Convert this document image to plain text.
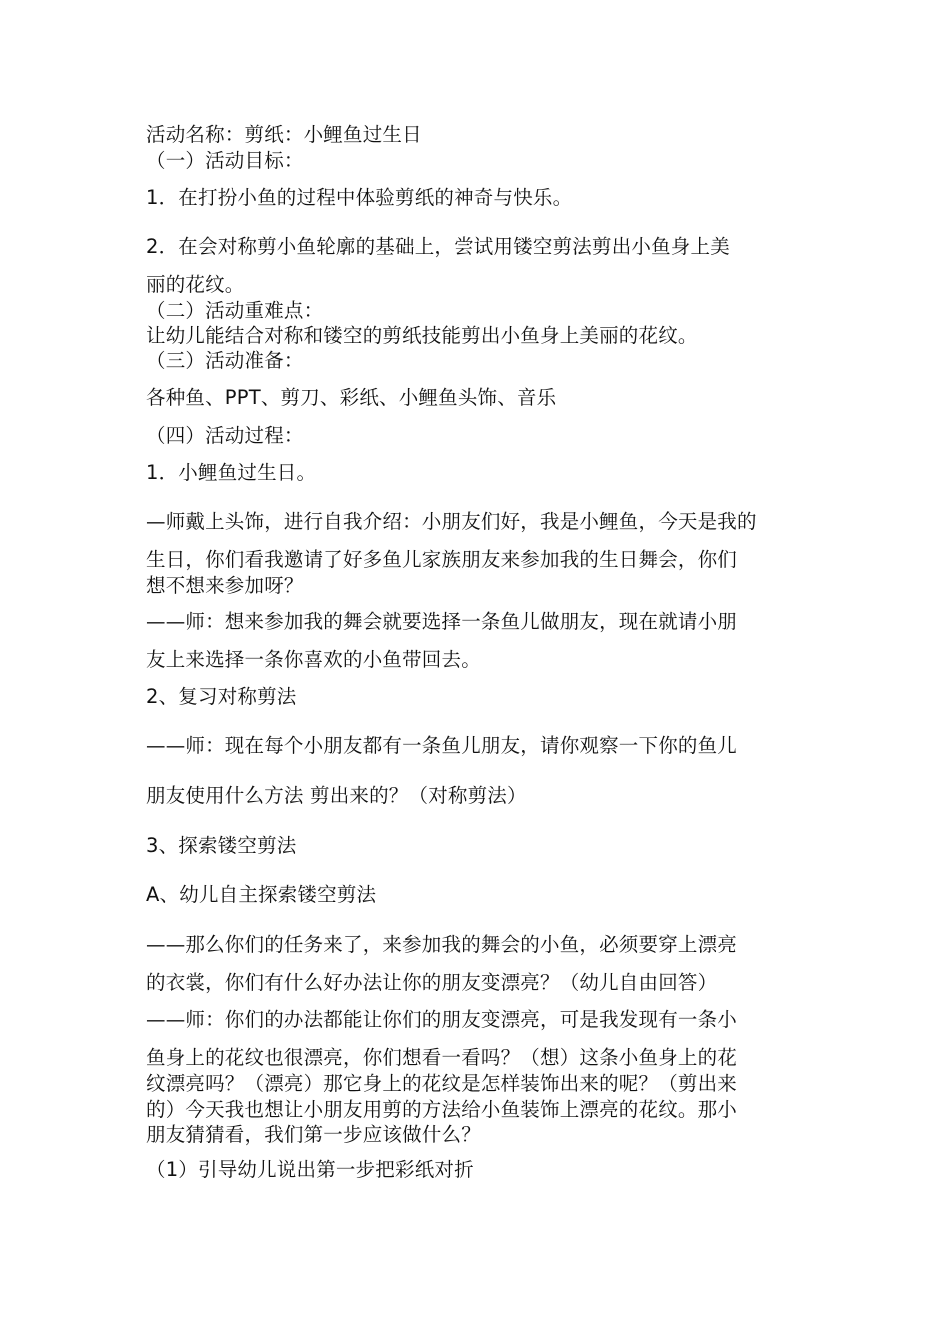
活动名称：剪纸：小鲤鱼过生日

（一）活动目标：

1．在打扮小鱼的过程中体验剪纸的神奇与快乐。

2．在会对称剪小鱼轮廓的基础上，尝试用镂空剪法剪出小鱼身上美

丽的花纹。

（二）活动重难点：

让幼儿能结合对称和镂空的剪纸技能剪出小鱼身上美丽的花纹。

（三）活动准备：

各种鱼、PPT、剪刀、彩纸、小鲤鱼头饰、音乐

（四）活动过程：

1．小鲤鱼过生日。

—师戴上头饰，进行自我介绍：小朋友们好，我是小鲤鱼，今天是我的

生日，你们看我邀请了好多鱼儿家族朋友来参加我的生日舞会，你们

想不想来参加呀？

——师：想来参加我的舞会就要选择一条鱼儿做朋友，现在就请小朋

友上来选择一条你喜欢的小鱼带回去。

2、复习对称剪法

——师：现在每个小朋友都有一条鱼儿朋友，请你观察一下你的鱼儿

朋友使用什么方法 剪出来的？（对称剪法）

3、探索镂空剪法

A、幼儿自主探索镂空剪法

——那么你们的任务来了，来参加我的舞会的小鱼，必须要穿上漂亮

的衣裳，你们有什么好办法让你的朋友变漂亮？（幼儿自由回答）

——师：你们的办法都能让你们的朋友变漂亮，可是我发现有一条小

鱼身上的花纹也很漂亮，你们想看一看吗？（想）这条小鱼身上的花

纹漂亮吗？（漂亮）那它身上的花纹是怎样装饰出来的呢？（剪出来

的）今天我也想让小朋友用剪的方法给小鱼装饰上漂亮的花纹。那小

朋友猜猜看，我们第一步应该做什么？

（1）引导幼儿说出第一步把彩纸对折
